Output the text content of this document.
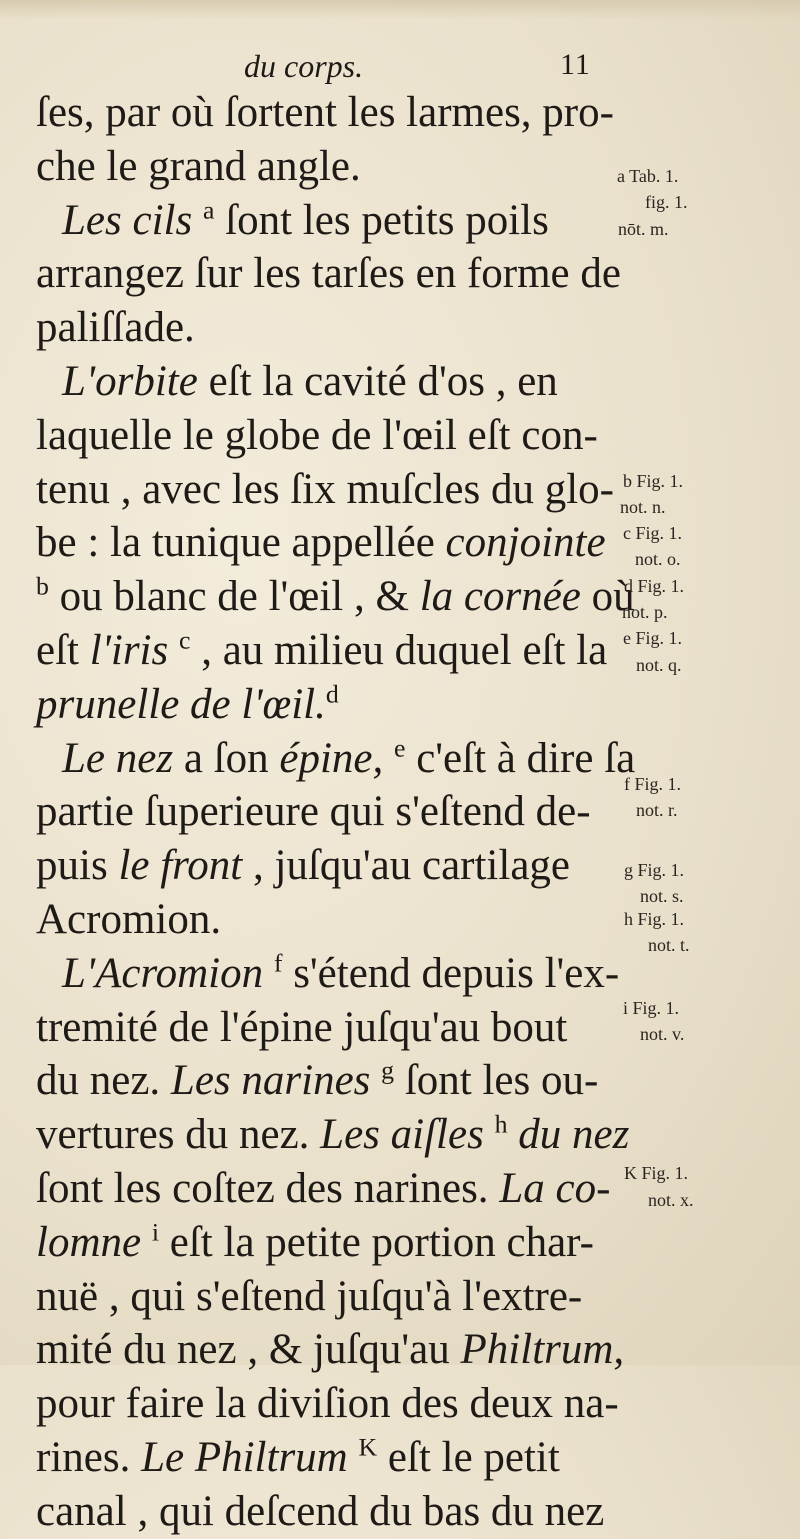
du corps.	11
ſes, par où ſortent les larmes, pro-
che le grand angle.
Les cils $^a$ ſont les petits poils
arrangez ſur les tarſes en forme de
paliſſade.
L'orbite eſt la cavité d'os , en
laquelle le globe de l'œil eſt con-
tenu , avec les ſix muſcles du glo-
be : la tunique appellée conjointe
$^b$ ou blanc de l'œil , & la cornée où
eſt l'iris $^c$ , au milieu duquel eſt la
prunelle de l'œil.$^d$
Le nez a ſon épine, $^e$ c'eſt à dire ſa
partie ſuperieure qui s'eſtend de-
puis le front , juſqu'au cartilage
Acromion.
L'Acromion $^f$ s'étend depuis l'ex-
tremité de l'épine juſqu'au bout
du nez. Les narines $^g$ ſont les ou-
vertures du nez. Les aiſles $^h$ du nez
ſont les coſtez des narines. La co-
lomne $^i$ eſt la petite portion char-
nuë , qui s'eſtend juſqu'à l'extre-
mité du nez , & juſqu'au Philtrum,
pour faire la diviſion des deux na-
rines. Le Philtrum $^K$ eſt le petit
canal , qui deſcend du bas du nez
a Tab. 1.
fig. 1.
nōt. m.
b Fig. 1.
not. n.
c Fig. 1.
not. o.
d Fig. 1.
not. p.
e Fig. 1.
not. q.
f Fig. 1.
not. r.
g Fig. 1.
not. s.
h Fig. 1.
not. t.
i Fig. 1.
not. v.
K Fig. 1.
not. x.
